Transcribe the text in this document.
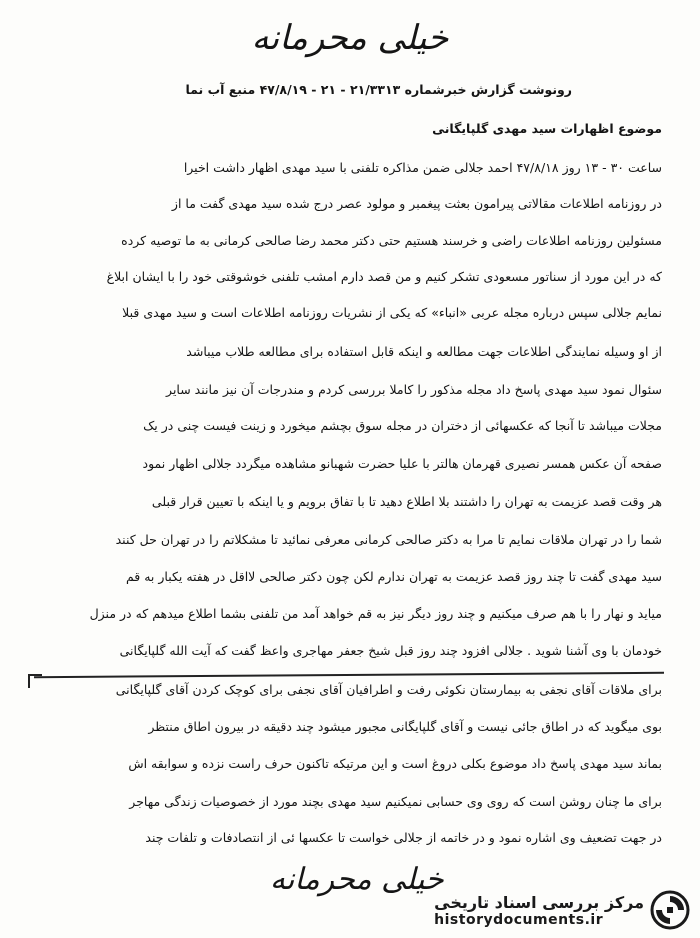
خیلی محرمانه
رونوشت گزارش خبرشماره ۲۱/۳۳۱۳ - ۲۱ - ۴۷/۸/۱۹ منبع آب نما
موضوع اظهارات سید مهدی گلپایگانی
ساعت ۳۰ - ۱۳ روز ۴۷/۸/۱۸ احمد جلالی ضمن مذاکره تلفنی با سید مهدی اظهار داشت اخیرا
در روزنامه اطلاعات مقالاتی پیرامون بعثت پیغمبر و مولود عصر درج شده سید مهدی گفت ما از
مسئولین روزنامه اطلاعات راضی و خرسند هستیم حتی دکتر محمد رضا صالحی کرمانی به ما توصیه کرده
که در این مورد از سناتور مسعودی تشکر کنیم و من قصد دارم امشب تلفنی خوشوقتی خود را با ایشان ابلاغ
نمایم جلالی سپس درباره مجله عربی «انباء» که یکی از نشریات روزنامه اطلاعات است و سید مهدی قبلا
از او وسیله نمایندگی اطلاعات جهت مطالعه و اینکه قابل استفاده برای مطالعه طلاب میباشد
سئوال نمود سید مهدی پاسخ داد مجله مذکور را کاملا بررسی کردم و مندرجات آن نیز مانند سایر
مجلات میباشد تا آنجا که عکسهائی از دختران در مجله سوق بچشم میخورد و زینت فیست چنی در یک
صفحه آن عکس همسر نصیری قهرمان هالتر با علیا حضرت شهبانو مشاهده میگردد جلالی اظهار نمود
هر وقت قصد عزیمت به تهران را داشتند بلا اطلاع دهید تا با تفاق برویم و یا اینکه با تعیین قرار قبلی
شما را در تهران ملاقات نمایم تا مرا به دکتر صالحی کرمانی معرفی نمائید تا مشکلاتم را در تهران حل کنند
سید مهدی گفت تا چند روز قصد عزیمت به تهران ندارم لکن چون دکتر صالحی لااقل در هفته یکبار به قم
میاید و نهار را با هم صرف میکنیم و چند روز دیگر نیز به قم خواهد آمد من تلفنی بشما اطلاع میدهم که در منزل
خودمان با وی آشنا شوید . جلالی افزود چند روز قبل شیخ جعفر مهاجری واعظ گفت که آیت الله گلپایگانی
برای ملاقات آقای نجفی به بیمارستان نکوئی رفت و اطرافیان آقای نجفی برای کوچک کردن آقای گلپایگانی
بوی میگوید که در اطاق جائی نیست و آقای گلپایگانی مجبور میشود چند دقیقه در بیرون اطاق منتظر
بماند سید مهدی پاسخ داد موضوع بکلی دروغ است و این مرتیکه تاکنون حرف راست نزده و سوابقه اش
برای ما چنان روشن است که روی وی حسابی نمیکنیم سید مهدی بچند مورد از خصوصیات زندگی مهاجر
در جهت تضعیف وی اشاره نمود و در خاتمه از جلالی خواست تا عکسها ئی از انتصادفات و تلفات چند
خیلی محرمانه
مرکز بررسی اسناد تاریخی
historydocuments.ir
